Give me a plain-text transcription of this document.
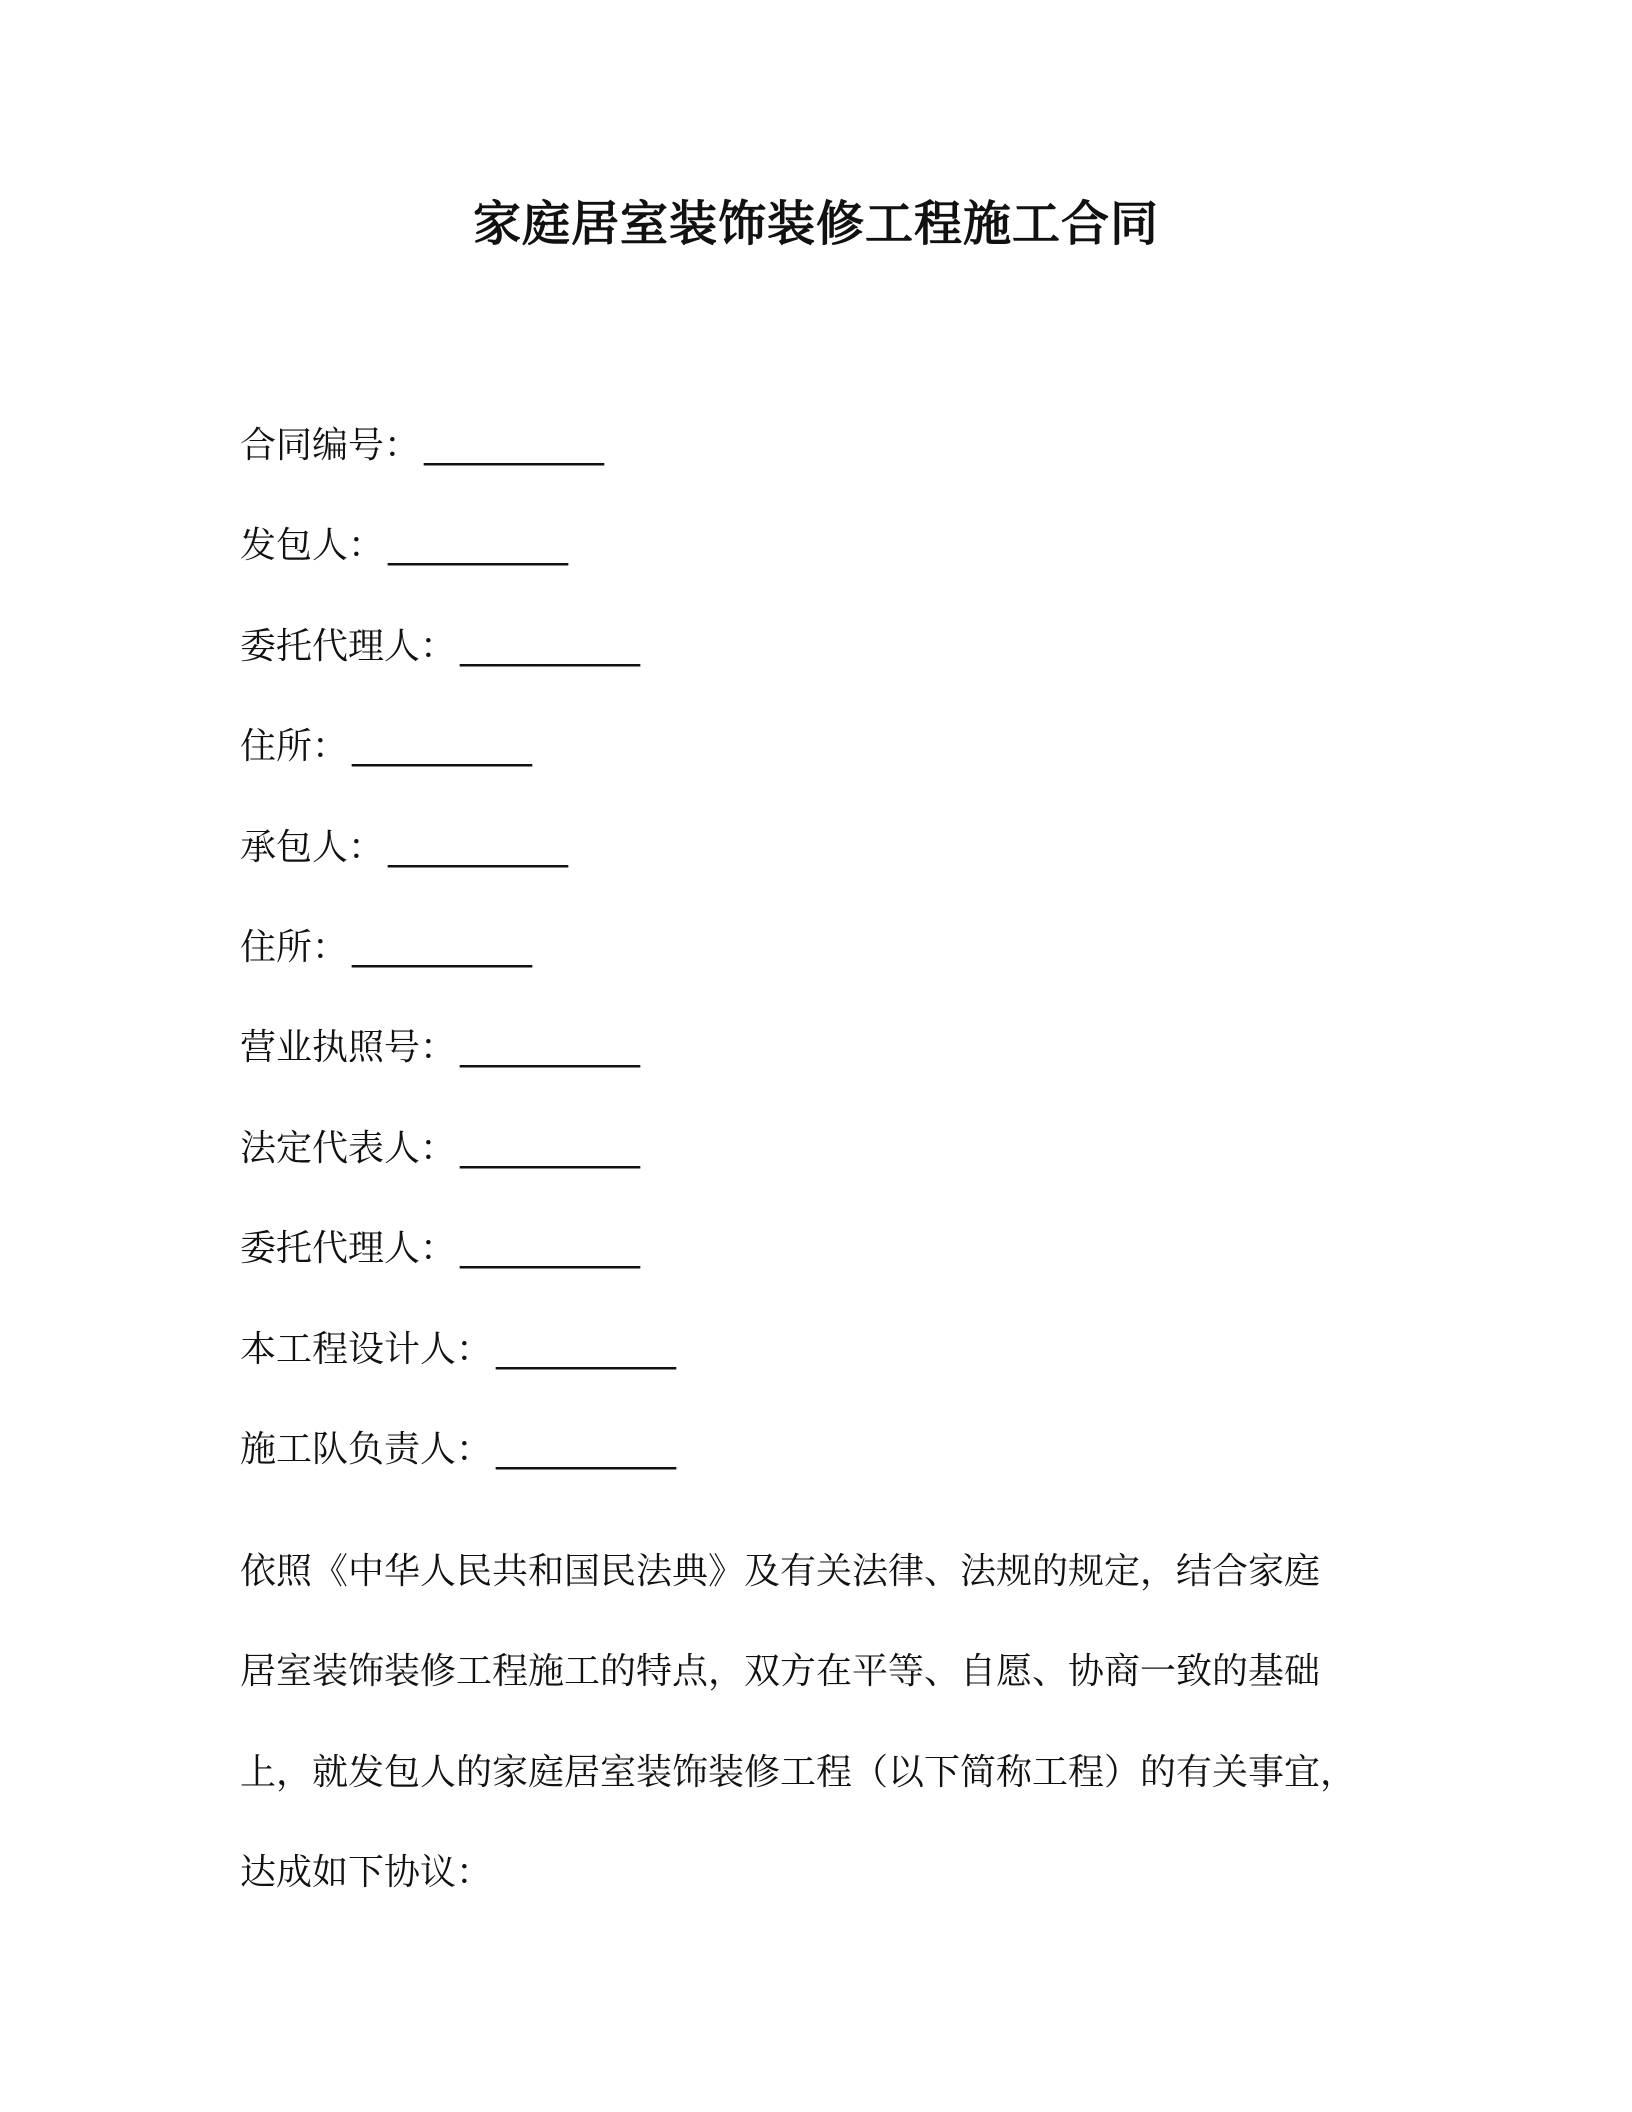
家庭居室装饰装修工程施工合同
合同编号： __________
发包人： __________
委托代理人： __________
住所： __________
承包人： __________
住所： __________
营业执照号： __________
法定代表人： __________
委托代理人： __________
本工程设计人： __________
施工队负责人： __________

依照《中华人民共和国民法典》及有关法律、法规的规定，结合家庭
居室装饰装修工程施工的特点，双方在平等、自愿、协商一致的基础
上，就发包人的家庭居室装饰装修工程（以下简称工程）的有关事宜，
达成如下协议：
